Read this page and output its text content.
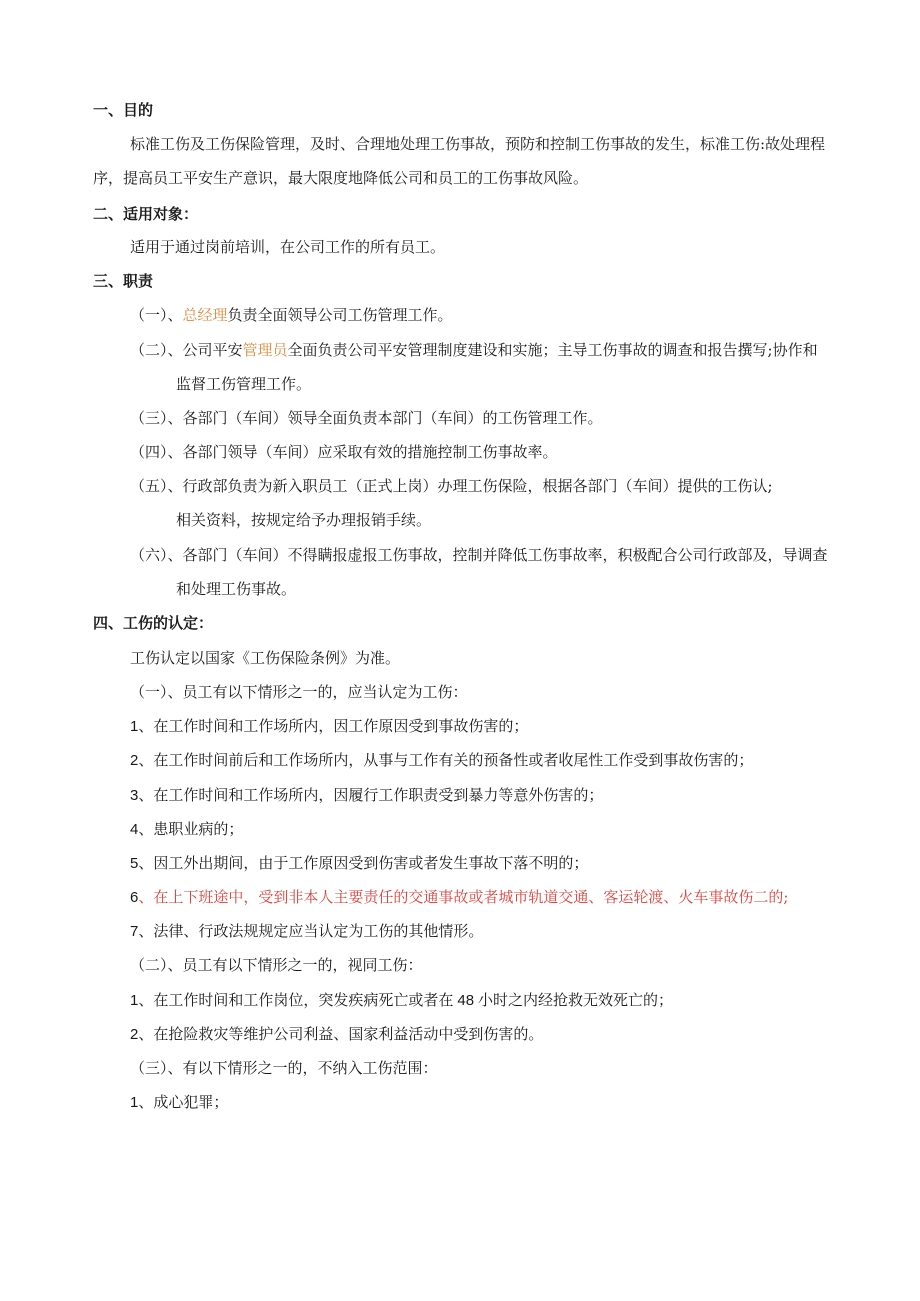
一、目的
标准工伤及工伤保险管理，及时、合理地处理工伤事故，预防和控制工伤事故的发生，标准工伤:故处理程
序，提高员工平安生产意识，最大限度地降低公司和员工的工伤事故风险。
二、适用对象：
适用于通过岗前培训，在公司工作的所有员工。
三、职责
（一）、总经理负责全面领导公司工伤管理工作。
（二）、公司平安管理员全面负责公司平安管理制度建设和实施；主导工伤事故的调查和报告撰写;协作和
监督工伤管理工作。
（三）、各部门（车间）领导全面负责本部门（车间）的工伤管理工作。
（四）、各部门领导（车间）应采取有效的措施控制工伤事故率。
（五）、行政部负责为新入职员工（正式上岗）办理工伤保险，根据各部门（车间）提供的工伤认;
相关资料，按规定给予办理报销手续。
（六）、各部门（车间）不得瞒报虚报工伤事故，控制并降低工伤事故率，积极配合公司行政部及，导调查
和处理工伤事故。
四、工伤的认定：
工伤认定以国家《工伤保险条例》为准。
（一）、员工有以下情形之一的，应当认定为工伤：
1、在工作时间和工作场所内，因工作原因受到事故伤害的；
2、在工作时间前后和工作场所内，从事与工作有关的预备性或者收尾性工作受到事故伤害的；
3、在工作时间和工作场所内，因履行工作职责受到暴力等意外伤害的；
4、患职业病的；
5、因工外出期间，由于工作原因受到伤害或者发生事故下落不明的；
6、在上下班途中，受到非本人主要责任的交通事故或者城市轨道交通、客运轮渡、火车事故伤二的;
7、法律、行政法规规定应当认定为工伤的其他情形。
（二）、员工有以下情形之一的，视同工伤：
1、在工作时间和工作岗位，突发疾病死亡或者在 48 小时之内经抢救无效死亡的；
2、在抢险救灾等维护公司利益、国家利益活动中受到伤害的。
（三）、有以下情形之一的，不纳入工伤范围：
1、成心犯罪；
